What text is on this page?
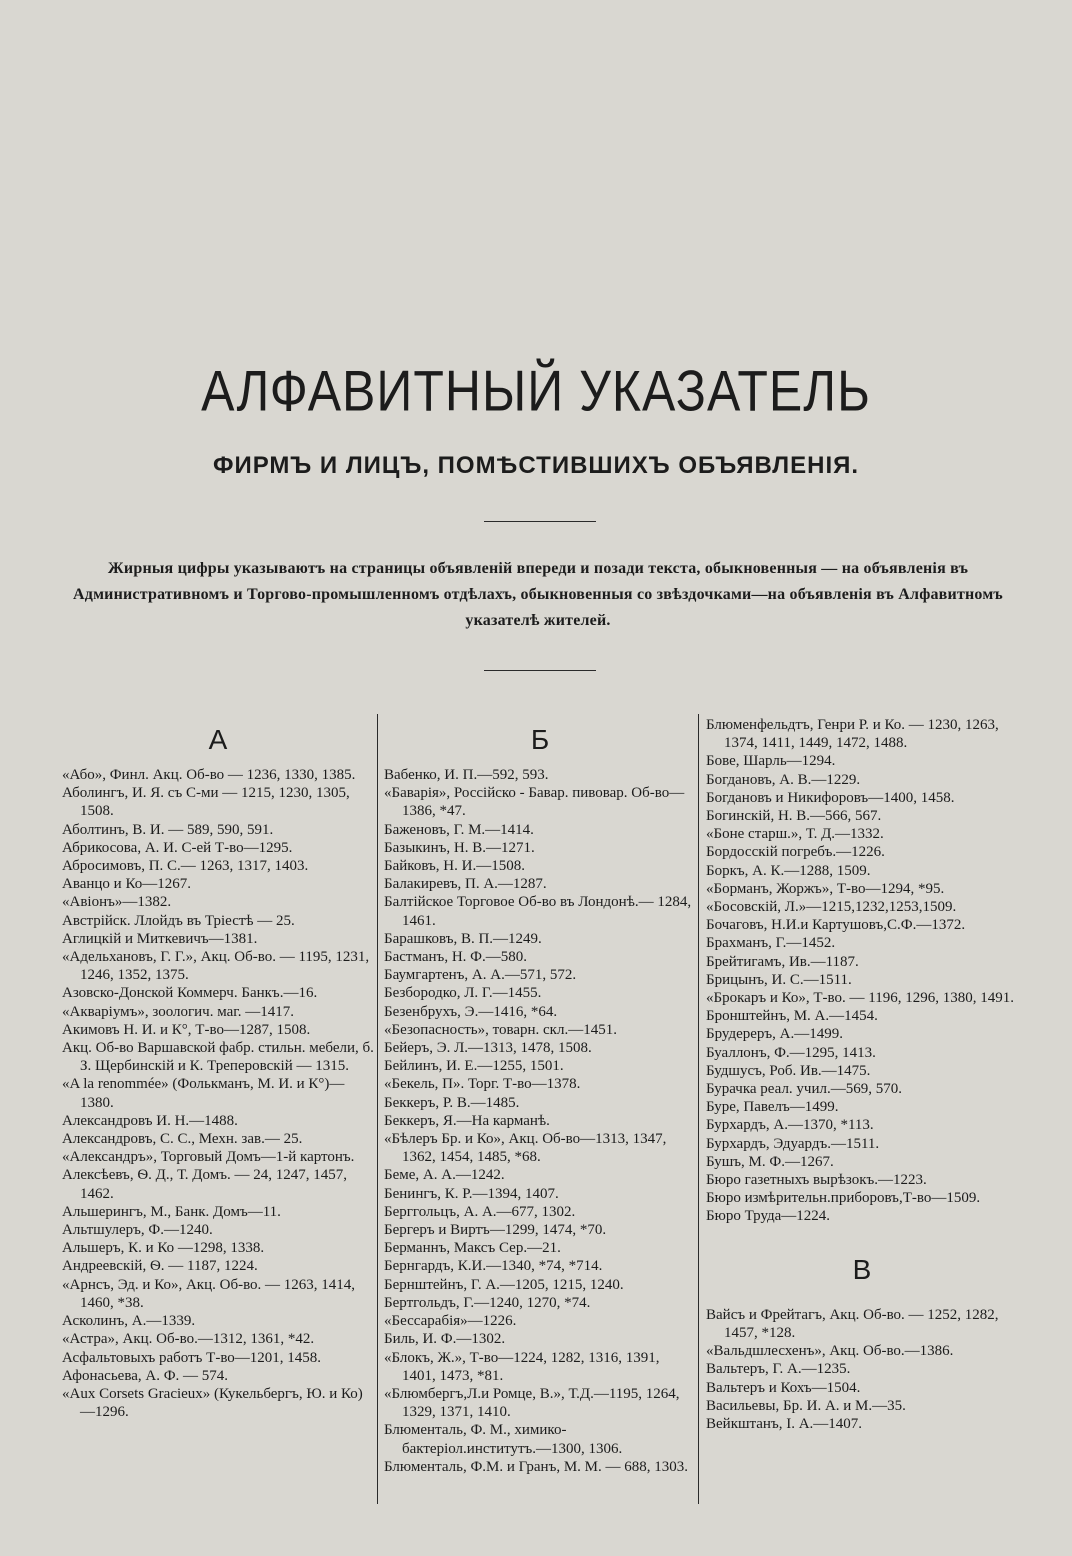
АЛФАВИТНЫЙ УКАЗАТЕЛЬ
ФИРМЪ И ЛИЦЪ, ПОМѢСТИВШИХЪ ОБЪЯВЛЕНІЯ.
Жирныя цифры указываютъ на страницы объявленій впереди и позади текста, обыкновенныя — на объявленія въ Административномъ и Торгово-промышленномъ отдѣлахъ, обыкновенныя со звѣздочками—на объявленія въ Алфавитномъ указателѣ жителей.
А

«Або», Финл. Акц. Об-во — 1236, 1330, 1385.

Аболингъ, И. Я. съ С-ми — 1215, 1230, 1305, 1508.

Аболтинъ, В. И. — 589, 590, 591.

Абрикосова, А. И. С-ей Т-во—1295.

Абросимовъ, П. С.— 1263, 1317, 1403.

Аванцо и Ко—1267.

«Авіонъ»—1382.

Австрійск. Ллойдъ въ Тріестѣ — 25.

Аглицкій и Миткевичъ—1381.

«Адельхановъ, Г. Г.», Акц. Об-во. — 1195, 1231, 1246, 1352, 1375.

Азовско-Донской Коммерч. Банкъ.—16.

«Акваріумъ», зоологич. маг. —1417.

Акимовъ Н. И. и К°, Т-во—1287, 1508.

Акц. Об-во Варшавской фабр. стильн. мебели, б. З. Щербинскій и К. Треперовскій — 1315.

«A la renommée» (Фолькманъ, М. И. и К°)—1380.

Александровъ И. Н.—1488.

Александровъ, С. С., Мехн. зав.— 25.

«Александръ», Торговый Домъ—1-й картонъ.

Алексѣевъ, Ѳ. Д., Т. Домъ. — 24, 1247, 1457, 1462.

Альшерингъ, М., Банк. Домъ—11.

Альтшулеръ, Ф.—1240.

Альшеръ, К. и Ко —1298, 1338.

Андреевскій, Ѳ. — 1187, 1224.

«Арнсъ, Эд. и Ко», Акц. Об-во. — 1263, 1414, 1460, *38.

Асколинъ, А.—1339.

«Астра», Акц. Об-во.—1312, 1361, *42.

Асфальтовыхъ работъ Т-во—1201, 1458.

Афонасьева, А. Ф. — 574.

«Aux Corsets Gracieux» (Кукельбергъ, Ю. и Ко) —1296.

Б

Вабенко, И. П.—592, 593.

«Баварія», Россійско - Бавар. пивовар. Об-во—1386, *47.

Баженовъ, Г. М.—1414.

Базыкинъ, Н. В.—1271.

Байковъ, Н. И.—1508.

Балакиревъ, П. А.—1287.

Балтійское Торговое Об-во въ Лондонѣ.— 1284, 1461.

Барашковъ, В. П.—1249.

Бастманъ, Н. Ф.—580.

Баумгартенъ, А. А.—571, 572.

Безбородко, Л. Г.—1455.

Безенбрухъ, Э.—1416, *64.

«Безопасность», товарн. скл.—1451.

Бейеръ, Э. Л.—1313, 1478, 1508.

Бейлинъ, И. Е.—1255, 1501.

«Бекель, П». Торг. Т-во—1378.

Беккеръ, Р. В.—1485.

Беккеръ, Я.—На карманѣ.

«Бѣлеръ Бр. и Ко», Акц. Об-во—1313, 1347, 1362, 1454, 1485, *68.

Беме, А. А.—1242.

Бенингъ, К. Р.—1394, 1407.

Берггольцъ, А. А.—677, 1302.

Бергеръ и Виртъ—1299, 1474, *70.

Берманнъ, Максъ Сер.—21.

Бернгардъ, К.И.—1340, *74, *714.

Бернштейнъ, Г. А.—1205, 1215, 1240.

Бертгольдъ, Г.—1240, 1270, *74.

«Бессарабія»—1226.

Биль, И. Ф.—1302.

«Блокъ, Ж.», Т-во—1224, 1282, 1316, 1391, 1401, 1473, *81.

«Блюмбергъ,Л.и Ромце, В.», Т.Д.—1195, 1264, 1329, 1371, 1410.

Блюменталь, Ф. М., химико-бактеріол.институтъ.—1300, 1306.

Блюменталь, Ф.М. и Гранъ, М. М. — 688, 1303.

Блюменфельдтъ, Генри Р. и Ко. — 1230, 1263, 1374, 1411, 1449, 1472, 1488.

Бове, Шарль—1294.

Богдановъ, А. В.—1229.

Богдановъ и Никифоровъ—1400, 1458.

Богинскій, Н. В.—566, 567.

«Боне старш.», Т. Д.—1332.

Бордосскій погребъ.—1226.

Боркъ, А. К.—1288, 1509.

«Борманъ, Жоржъ», Т-во—1294, *95.

«Босовскій, Л.»—1215,1232,1253,1509.

Бочаговъ, Н.И.и Картушовъ,С.Ф.—1372.

Брахманъ, Г.—1452.

Брейтигамъ, Ив.—1187.

Брицынъ, И. С.—1511.

«Брокаръ и Ко», Т-во. — 1196, 1296, 1380, 1491.

Бронштейнъ, М. А.—1454.

Брудереръ, А.—1499.

Буаллонъ, Ф.—1295, 1413.

Будшусъ, Роб. Ив.—1475.

Бурачка реал. учил.—569, 570.

Буре, Павелъ—1499.

Бурхардъ, А.—1370, *113.

Бурхардъ, Эдуардъ.—1511.

Бушъ, М. Ф.—1267.

Бюро газетныхъ вырѣзокъ.—1223.

Бюро измѣрительн.приборовъ,Т-во—1509.

Бюро Труда—1224.

В

Вайсъ и Фрейтагъ, Акц. Об-во. — 1252, 1282, 1457, *128.

«Вальдшлесхенъ», Акц. Об-во.—1386.

Вальтеръ, Г. А.—1235.

Вальтеръ и Кохъ—1504.

Васильевы, Бр. И. А. и М.—35.

Вейкштанъ, І. А.—1407.
